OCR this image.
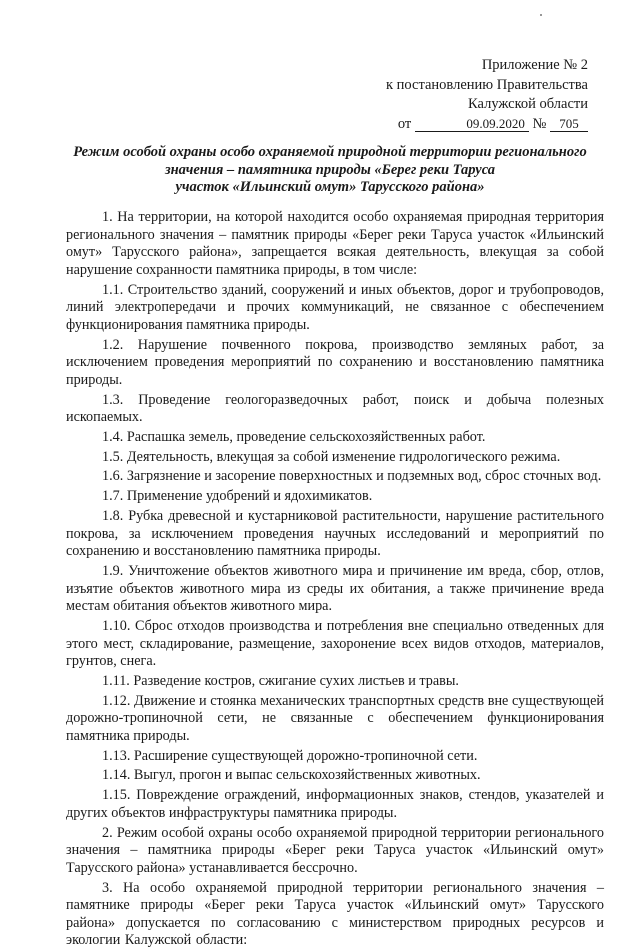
Приложение № 2
к постановлению Правительства
Калужской области
от	09.09.2020 № 705
Режим особой охраны особо охраняемой природной территории регионального
значения – памятника природы «Берег реки Таруса
участок «Ильинский омут» Тарусского района»

1. На территории, на которой находится особо охраняемая природная территория регионального значения – памятник природы «Берег реки Таруса участок «Ильинский омут» Тарусского района», запрещается всякая деятельность, влекущая за собой нарушение сохранности памятника природы, в том числе:

1.1. Строительство зданий, сооружений и иных объектов, дорог и трубопроводов, линий электропередачи и прочих коммуникаций, не связанное с обеспечением функционирования памятника природы.

1.2. Нарушение почвенного покрова, производство земляных работ, за исключением проведения мероприятий по сохранению и восстановлению памятника природы.

1.3. Проведение геологоразведочных работ, поиск и добыча полезных ископаемых.

1.4. Распашка земель, проведение сельскохозяйственных работ.

1.5. Деятельность, влекущая за собой изменение гидрологического режима.

1.6. Загрязнение и засорение поверхностных и подземных вод, сброс сточных вод.

1.7. Применение удобрений и ядохимикатов.

1.8. Рубка древесной и кустарниковой растительности, нарушение растительного покрова, за исключением проведения научных исследований и мероприятий по сохранению и восстановлению памятника природы.

1.9. Уничтожение объектов животного мира и причинение им вреда, сбор, отлов, изъятие объектов животного мира из среды их обитания, а также причинение вреда местам обитания объектов животного мира.

1.10. Сброс отходов производства и потребления вне специально отведенных для этого мест, складирование, размещение, захоронение всех видов отходов, материалов, грунтов, снега.

1.11. Разведение костров, сжигание сухих листьев и травы.

1.12. Движение и стоянка механических транспортных средств вне существующей дорожно-тропиночной сети, не связанные с обеспечением функционирования памятника природы.

1.13. Расширение существующей дорожно-тропиночной сети.

1.14. Выгул, прогон и выпас сельскохозяйственных животных.

1.15. Повреждение ограждений, информационных знаков, стендов, указателей и других объектов инфраструктуры памятника природы.

2. Режим особой охраны особо охраняемой природной территории регионального значения – памятника природы «Берег реки Таруса участок «Ильинский омут» Тарусского района» устанавливается бессрочно.

3. На особо охраняемой природной территории регионального значения – памятнике природы «Берег реки Таруса участок «Ильинский омут» Тарусского района» допускается по согласованию с министерством природных ресурсов и экологии Калужской области:
